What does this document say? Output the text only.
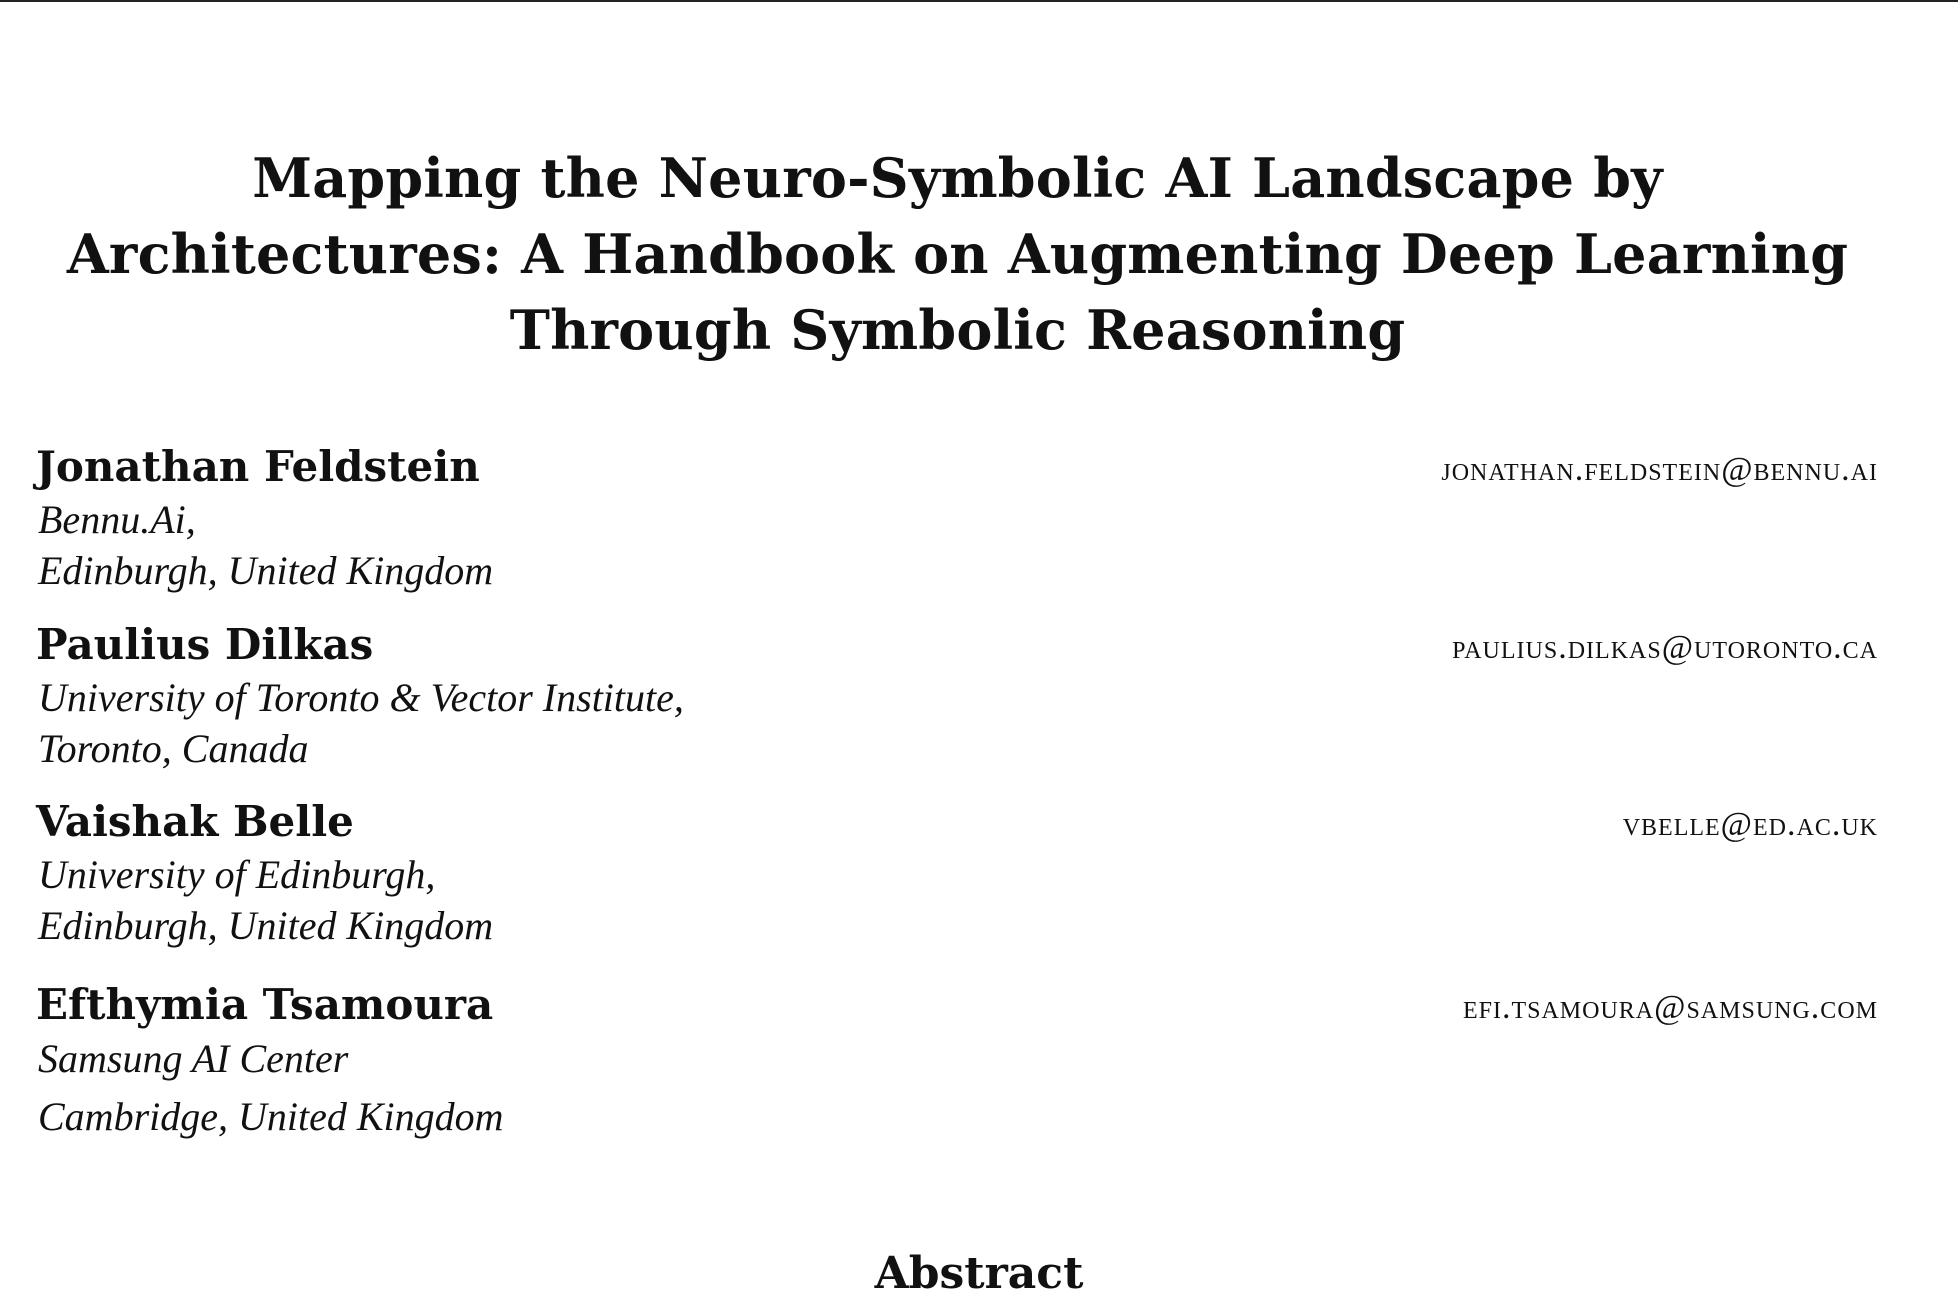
Mapping the Neuro-Symbolic AI Landscape by
Architectures: A Handbook on Augmenting Deep Learning
Through Symbolic Reasoning
Jonathan Feldstein	jonathan.feldstein@bennu.ai
Bennu.Ai,
Edinburgh, United Kingdom
Paulius Dilkas	paulius.dilkas@utoronto.ca
University of Toronto & Vector Institute,
Toronto, Canada
Vaishak Belle	vbelle@ed.ac.uk
University of Edinburgh,
Edinburgh, United Kingdom
Efthymia Tsamoura	efi.tsamoura@samsung.com
Samsung AI Center
Cambridge, United Kingdom
Abstract
